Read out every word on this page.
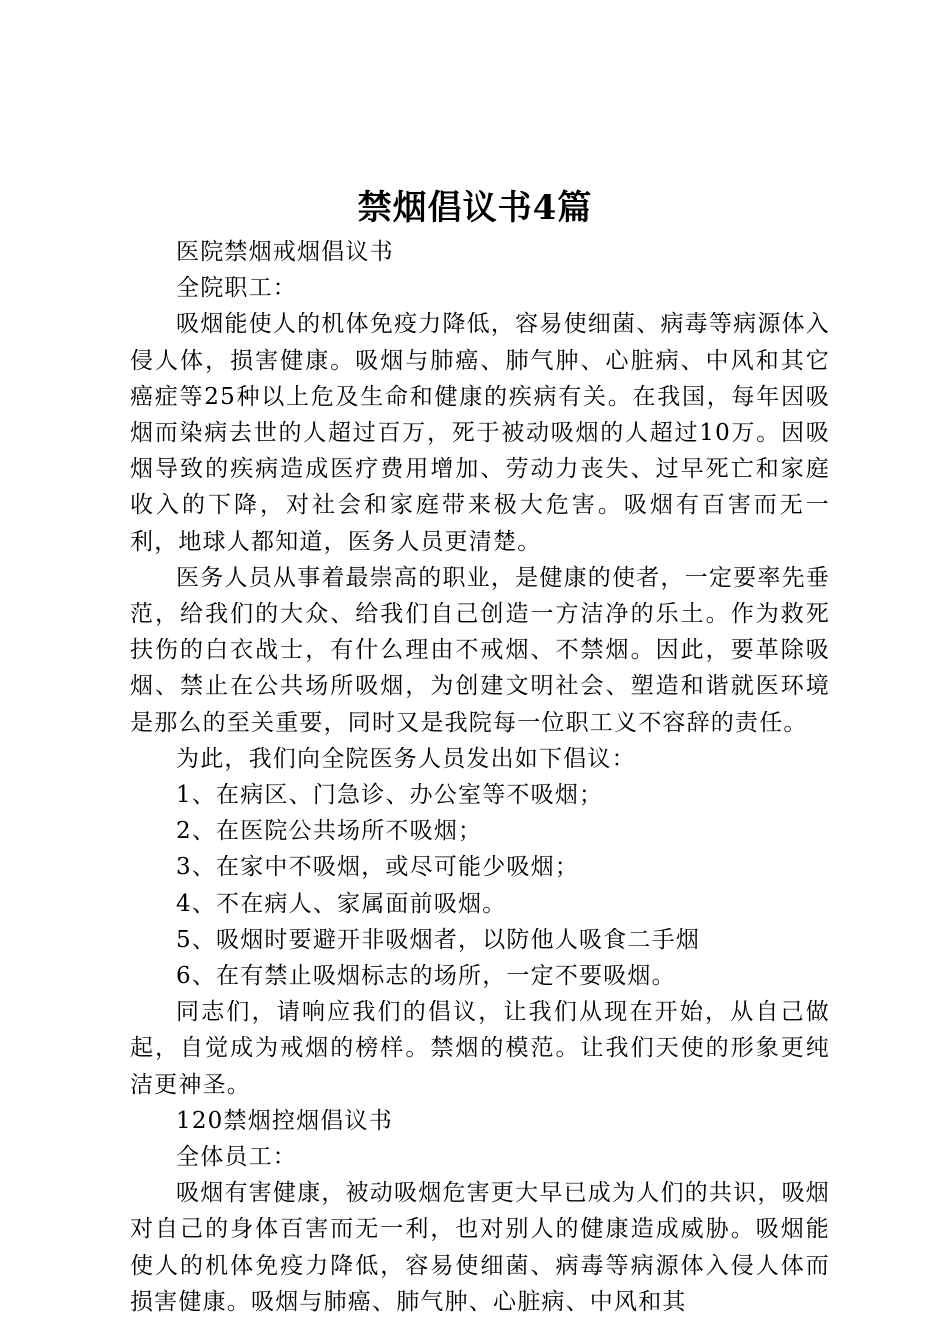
禁烟倡议书4篇

医院禁烟戒烟倡议书

全院职工：

吸烟能使人的机体免疫力降低，容易使细菌、病毒等病源体入侵人体，损害健康。吸烟与肺癌、肺气肿、心脏病、中风和其它癌症等25种以上危及生命和健康的疾病有关。在我国，每年因吸烟而染病去世的人超过百万，死于被动吸烟的人超过10万。因吸烟导致的疾病造成医疗费用增加、劳动力丧失、过早死亡和家庭收入的下降，对社会和家庭带来极大危害。吸烟有百害而无一利，地球人都知道，医务人员更清楚。

医务人员从事着最崇高的职业，是健康的使者，一定要率先垂范，给我们的大众、给我们自己创造一方洁净的乐土。作为救死扶伤的白衣战士，有什么理由不戒烟、不禁烟。因此，要革除吸烟、禁止在公共场所吸烟，为创建文明社会、塑造和谐就医环境是那么的至关重要，同时又是我院每一位职工义不容辞的责任。

为此，我们向全院医务人员发出如下倡议：

1、在病区、门急诊、办公室等不吸烟；

2、在医院公共场所不吸烟；

3、在家中不吸烟，或尽可能少吸烟；

4、不在病人、家属面前吸烟。

5、吸烟时要避开非吸烟者，以防他人吸食二手烟

6、在有禁止吸烟标志的场所，一定不要吸烟。

同志们，请响应我们的倡议，让我们从现在开始，从自己做起，自觉成为戒烟的榜样。禁烟的模范。让我们天使的形象更纯洁更神圣。

120禁烟控烟倡议书

全体员工：

吸烟有害健康，被动吸烟危害更大早已成为人们的共识，吸烟对自己的身体百害而无一利，也对别人的健康造成威胁。吸烟能使人的机体免疫力降低，容易使细菌、病毒等病源体入侵人体而损害健康。吸烟与肺癌、肺气肿、心脏病、中风和其
